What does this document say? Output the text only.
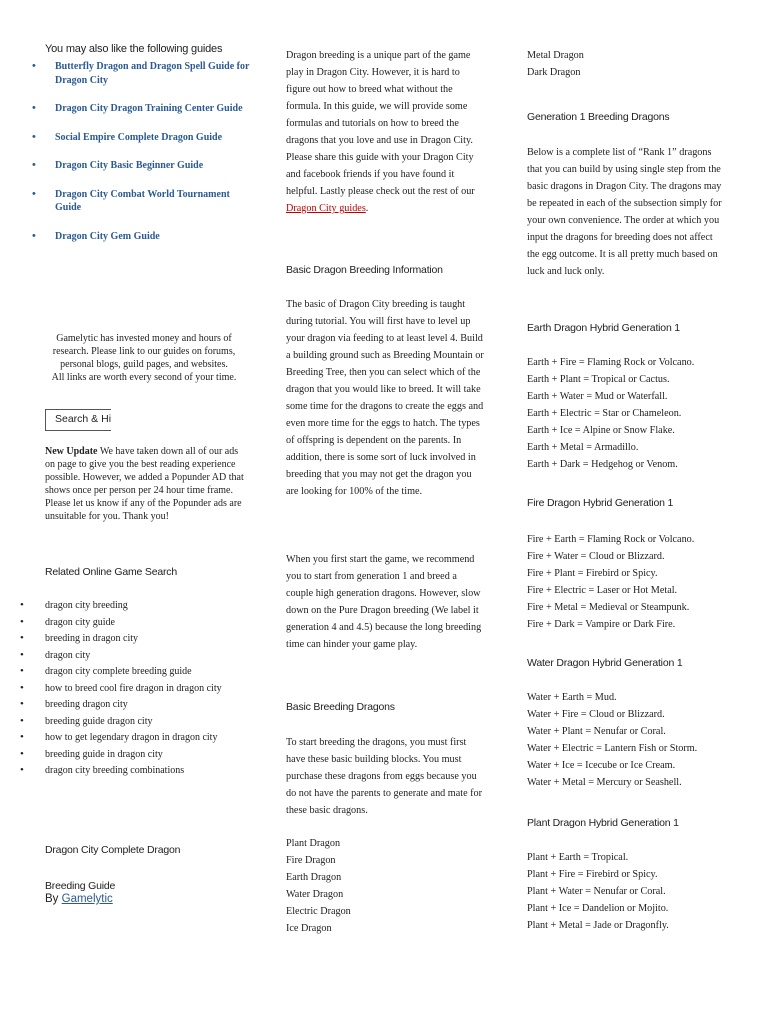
You may also like the following guides
• Butterfly Dragon and Dragon Spell Guide for Dragon City
• Dragon City Dragon Training Center Guide
• Social Empire Complete Dragon Guide
• Dragon City Basic Beginner Guide
• Dragon City Combat World Tournament Guide
• Dragon City Gem Guide
Gamelytic has invested money and hours of research. Please link to our guides on forums, personal blogs, guild pages, and websites.
All links are worth every second of your time.
Search & Hi
New Update We have taken down all of our ads on page to give you the best reading experience possible. However, we added a Popunder AD that shows once per person per 24 hour time frame. Please let us know if any of the Popunder ads are unsuitable for you. Thank you!
Related Online Game Search
• dragon city breeding
• dragon city guide
• breeding in dragon city
• dragon city
• dragon city complete breeding guide
• how to breed cool fire dragon in dragon city
• breeding dragon city
• breeding guide dragon city
• how to get legendary dragon in dragon city
• breeding guide in dragon city
• dragon city breeding combinations
Dragon City Complete Dragon
Breeding Guide
By Gamelytic

Dragon breeding is a unique part of the game play in Dragon City. However, it is hard to figure out how to breed what without the formula. In this guide, we will provide some formulas and tutorials on how to breed the dragons that you love and use in Dragon City. Please share this guide with your Dragon City and facebook friends if you have found it helpful. Lastly please check out the rest of our Dragon City guides.

Basic Dragon Breeding Information

The basic of Dragon City breeding is taught during tutorial. You will first have to level up your dragon via feeding to at least level 4. Build a building ground such as Breeding Mountain or Breeding Tree, then you can select which of the dragon that you would like to breed. It will take some time for the dragons to create the eggs and even more time for the eggs to hatch. The types of offspring is dependent on the parents. In addition, there is some sort of luck involved in breeding that you may not get the dragon you are looking for 100% of the time.

When you first start the game, we recommend you to start from generation 1 and breed a couple high generation dragons. However, slow down on the Pure Dragon breeding (We label it generation 4 and 4.5) because the long breeding time can hinder your game play.

Basic Breeding Dragons

To start breeding the dragons, you must first have these basic building blocks. You must purchase these dragons from eggs because you do not have the parents to generate and mate for these basic dragons.

Plant Dragon
Fire Dragon
Earth Dragon
Water Dragon
Electric Dragon
Ice Dragon
Metal Dragon
Dark Dragon
Generation 1 Breeding Dragons

Below is a complete list of “Rank 1” dragons that you can build by using single step from the basic dragons in Dragon City. The dragons may be repeated in each of the subsection simply for your own convenience. The order at which you input the dragons for breeding does not affect the egg outcome. It is all pretty much based on luck and luck only.

Earth Dragon Hybrid Generation 1
Earth + Fire = Flaming Rock or Volcano.
Earth + Plant = Tropical or Cactus.
Earth + Water = Mud or Waterfall.
Earth + Electric = Star or Chameleon.
Earth + Ice = Alpine or Snow Flake.
Earth + Metal = Armadillo.
Earth + Dark = Hedgehog or Venom.
Fire Dragon Hybrid Generation 1
Fire + Earth = Flaming Rock or Volcano.
Fire + Water = Cloud or Blizzard.
Fire + Plant = Firebird or Spicy.
Fire + Electric = Laser or Hot Metal.
Fire + Metal = Medieval or Steampunk.
Fire + Dark = Vampire or Dark Fire.
Water Dragon Hybrid Generation 1
Water + Earth = Mud.
Water + Fire = Cloud or Blizzard.
Water + Plant = Nenufar or Coral.
Water + Electric = Lantern Fish or Storm.
Water + Ice = Icecube or Ice Cream.
Water + Metal = Mercury or Seashell.
Plant Dragon Hybrid Generation 1
Plant + Earth = Tropical.
Plant + Fire = Firebird or Spicy.
Plant + Water = Nenufar or Coral.
Plant + Ice = Dandelion or Mojito.
Plant + Metal = Jade or Dragonfly.
